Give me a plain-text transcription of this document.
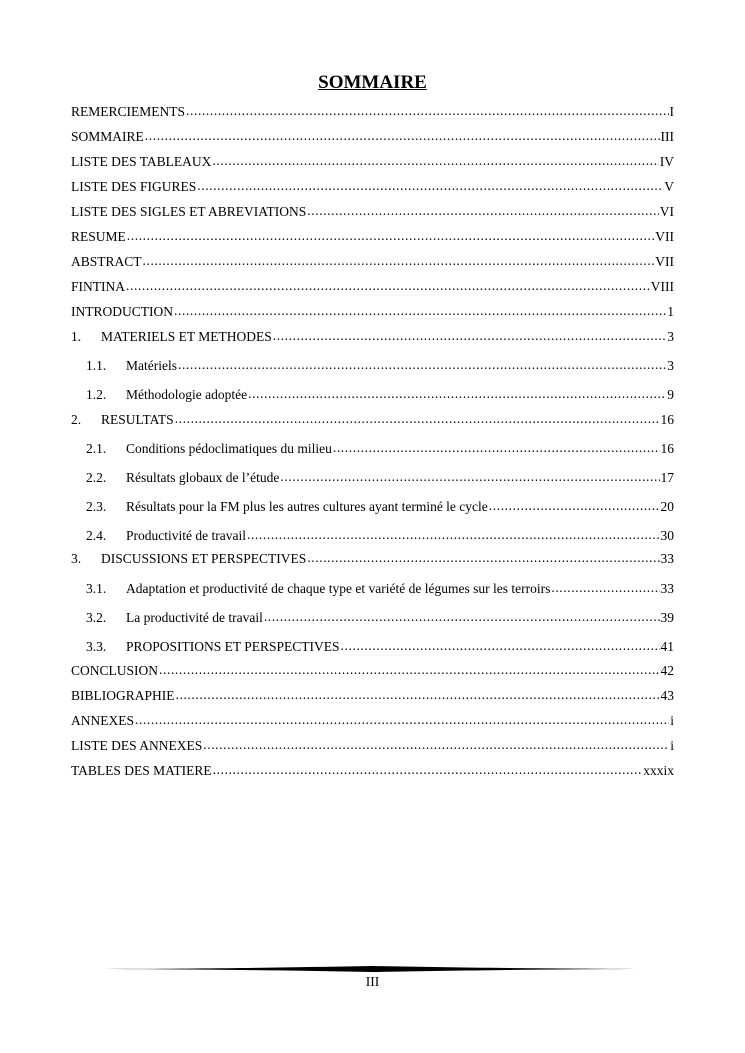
SOMMAIRE
REMERCIEMENTS .....	I
SOMMAIRE .....	III
LISTE DES TABLEAUX .....	IV
LISTE DES FIGURES .....	V
LISTE DES SIGLES ET ABREVIATIONS .....	VI
RESUME .....	VII
ABSTRACT .....	VII
FINTINA .....	VIII
INTRODUCTION .....	1
1.	MATERIELS ET METHODES .....	3
1.1.	Matériels .....	3
1.2.	Méthodologie adoptée .....	9
2.	RESULTATS .....	16
2.1.	Conditions pédoclimatiques du milieu .....	16
2.2.	Résultats globaux de l’étude .....	17
2.3.	Résultats pour la FM plus les autres cultures ayant terminé le cycle .....	20
2.4.	Productivité de travail .....	30
3.	DISCUSSIONS ET PERSPECTIVES .....	33
3.1.	Adaptation et productivité de chaque type et variété de légumes sur les terroirs .....	33
3.2.	La productivité de travail .....	39
3.3.	PROPOSITIONS ET PERSPECTIVES .....	41
CONCLUSION .....	42
BIBLIOGRAPHIE .....	43
ANNEXES .....	i
LISTE DES ANNEXES .....	i
TABLES DES MATIERE .....	xxxix
III
